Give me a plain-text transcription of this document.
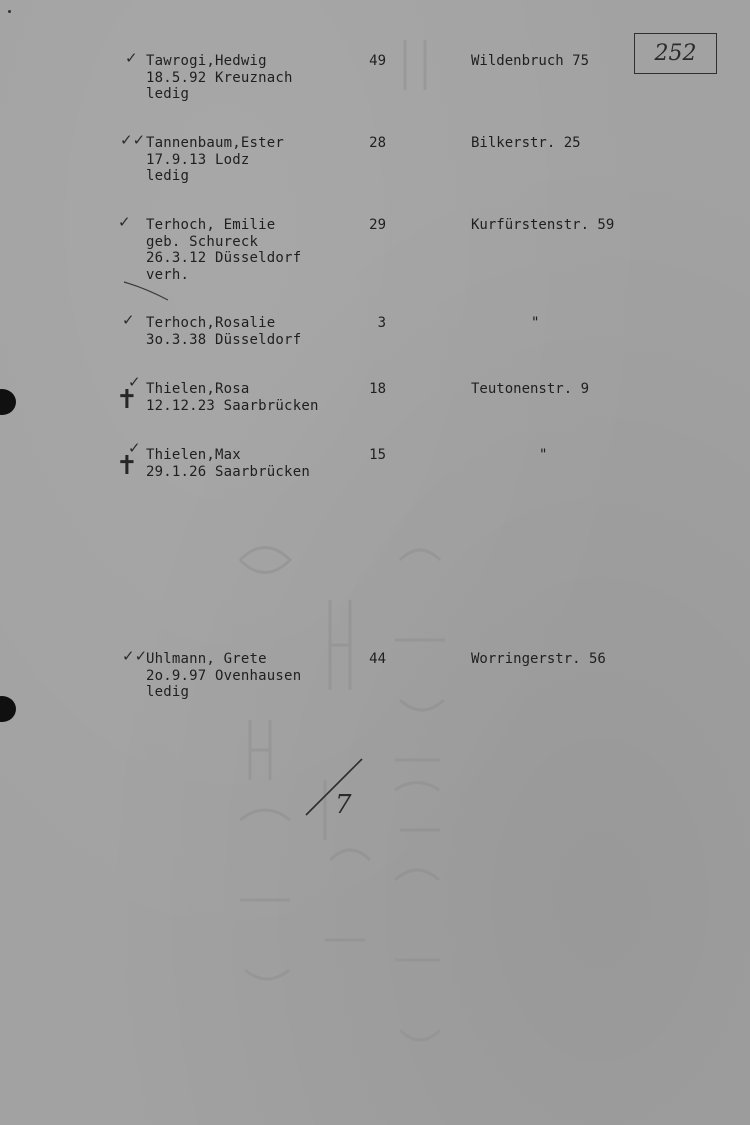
252
✓ Tawrogi,Hedwig
18.5.92 Kreuznach
ledig
49	Wildenbruch 75
✓✓ Tannenbaum,Ester
17.9.13 Lodz
ledig
28	Bilkerstr. 25
✓ Terhoch, Emilie
geb. Schureck
26.3.12 Düsseldorf
verh.
29	Kurfürstenstr. 59
✓ Terhoch,Rosalie
3o.3.38 Düsseldorf
3	"
✓
✝ Thielen,Rosa
12.12.23 Saarbrücken
18	Teutonenstr. 9
✓
✝ Thielen,Max
29.1.26 Saarbrücken
15	"
✓✓
Uhlmann, Grete
2o.9.97 Ovenhausen
ledig
44	Worringerstr. 56
7
